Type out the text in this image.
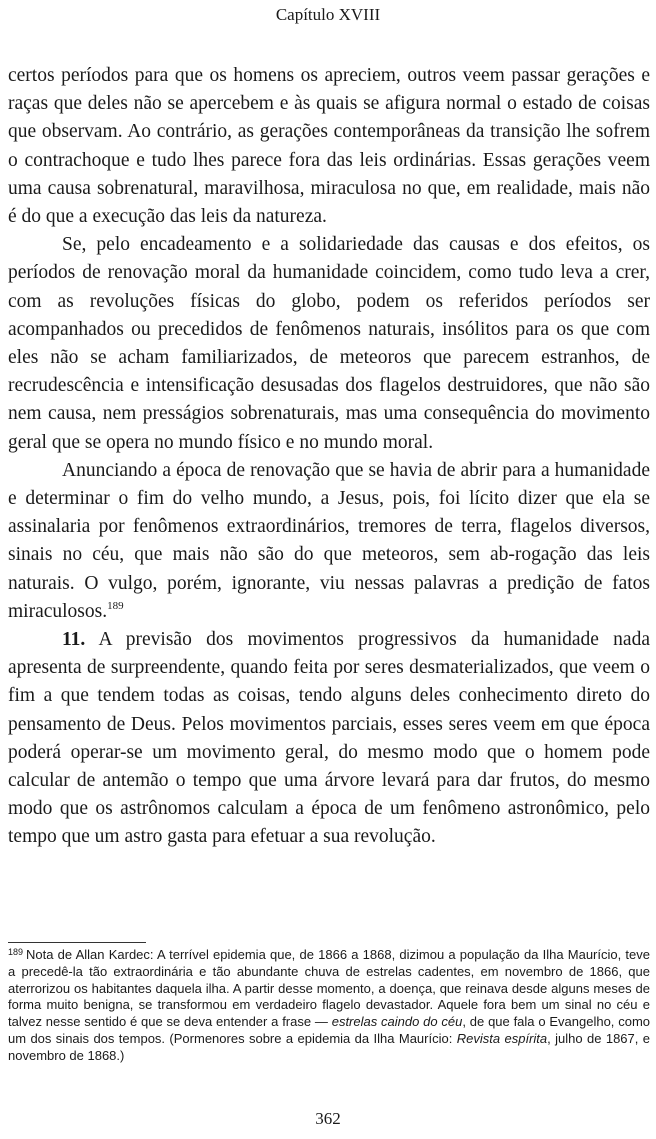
Capítulo XVIII

certos períodos para que os homens os apreciem, outros veem passar gerações e raças que deles não se apercebem e às quais se afigura normal o estado de coisas que observam. Ao contrário, as gerações contemporâneas da transição lhe sofrem o contrachoque e tudo lhes parece fora das leis ordinárias. Essas gerações veem uma causa sobrenatural, maravilhosa, miraculosa no que, em realidade, mais não é do que a execução das leis da natureza.

Se, pelo encadeamento e a solidariedade das causas e dos efeitos, os períodos de renovação moral da humanidade coincidem, como tudo leva a crer, com as revoluções físicas do globo, podem os referidos períodos ser acompanhados ou precedidos de fenômenos naturais, insólitos para os que com eles não se acham familiarizados, de meteoros que parecem estranhos, de recrudescência e intensificação desusadas dos flagelos destruidores, que não são nem causa, nem presságios sobrenaturais, mas uma consequência do movimento geral que se opera no mundo físico e no mundo moral.

Anunciando a época de renovação que se havia de abrir para a humanidade e determinar o fim do velho mundo, a Jesus, pois, foi lícito dizer que ela se assinalaria por fenômenos extraordinários, tremores de terra, flagelos diversos, sinais no céu, que mais não são do que meteoros, sem ab-rogação das leis naturais. O vulgo, porém, ignorante, viu nessas palavras a predição de fatos miraculosos.$^{189}$

11. A previsão dos movimentos progressivos da humanidade nada apresenta de surpreendente, quando feita por seres desmaterializados, que veem o fim a que tendem todas as coisas, tendo alguns deles conhecimento direto do pensamento de Deus. Pelos movimentos parciais, esses seres veem em que época poderá operar-se um movimento geral, do mesmo modo que o homem pode calcular de antemão o tempo que uma árvore levará para dar frutos, do mesmo modo que os astrônomos calculam a época de um fenômeno astronômico, pelo tempo que um astro gasta para efetuar a sua revolução.

$^{189}$ Nota de Allan Kardec: A terrível epidemia que, de 1866 a 1868, dizimou a população da Ilha Maurício, teve a precedê-la tão extraordinária e tão abundante chuva de estrelas cadentes, em novembro de 1866, que aterrorizou os habitantes daquela ilha. A partir desse momento, a doença, que reinava desde alguns meses de forma muito benigna, se transformou em verdadeiro flagelo devastador. Aquele fora bem um sinal no céu e talvez nesse sentido é que se deva entender a frase — estrelas caindo do céu, de que fala o Evangelho, como um dos sinais dos tempos. (Pormenores sobre a epidemia da Ilha Maurício: Revista espírita, julho de 1867, e novembro de 1868.)

362
